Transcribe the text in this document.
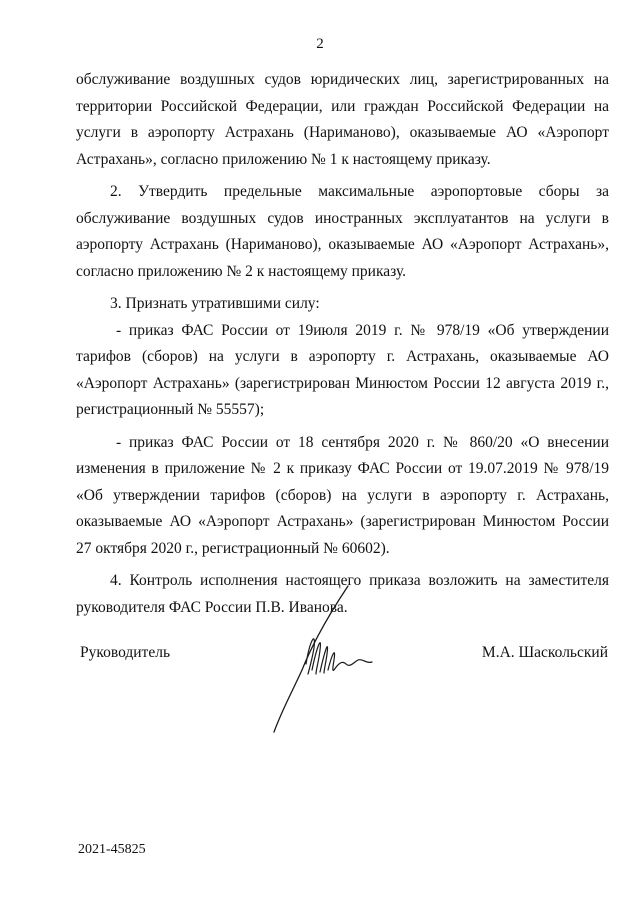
2

обслуживание воздушных судов юридических лиц, зарегистрированных на территории Российской Федерации, или граждан Российской Федерации на услуги в аэропорту Астрахань (Нариманово), оказываемые АО «Аэропорт Астрахань», согласно приложению № 1 к настоящему приказу.

2. Утвердить предельные максимальные аэропортовые сборы за обслуживание воздушных судов иностранных эксплуатантов на услуги в аэропорту Астрахань (Нариманово), оказываемые АО «Аэропорт Астрахань», согласно приложению № 2 к настоящему приказу.

3. Признать утратившими силу:

- приказ ФАС России от 19июля 2019 г. № 978/19 «Об утверждении тарифов (сборов) на услуги в аэропорту г. Астрахань, оказываемые АО «Аэропорт Астрахань» (зарегистрирован Минюстом России 12 августа 2019 г., регистрационный № 55557);

- приказ ФАС России от 18 сентября 2020 г. № 860/20 «О внесении изменения в приложение № 2 к приказу ФАС России от 19.07.2019 № 978/19 «Об утверждении тарифов (сборов) на услуги в аэропорту г. Астрахань, оказываемые АО «Аэропорт Астрахань» (зарегистрирован Минюстом России 27 октября 2020 г., регистрационный № 60602).

4. Контроль исполнения настоящего приказа возложить на заместителя руководителя ФАС России П.В. Иванова.

Руководитель	М.А. Шаскольский
2021-45825
